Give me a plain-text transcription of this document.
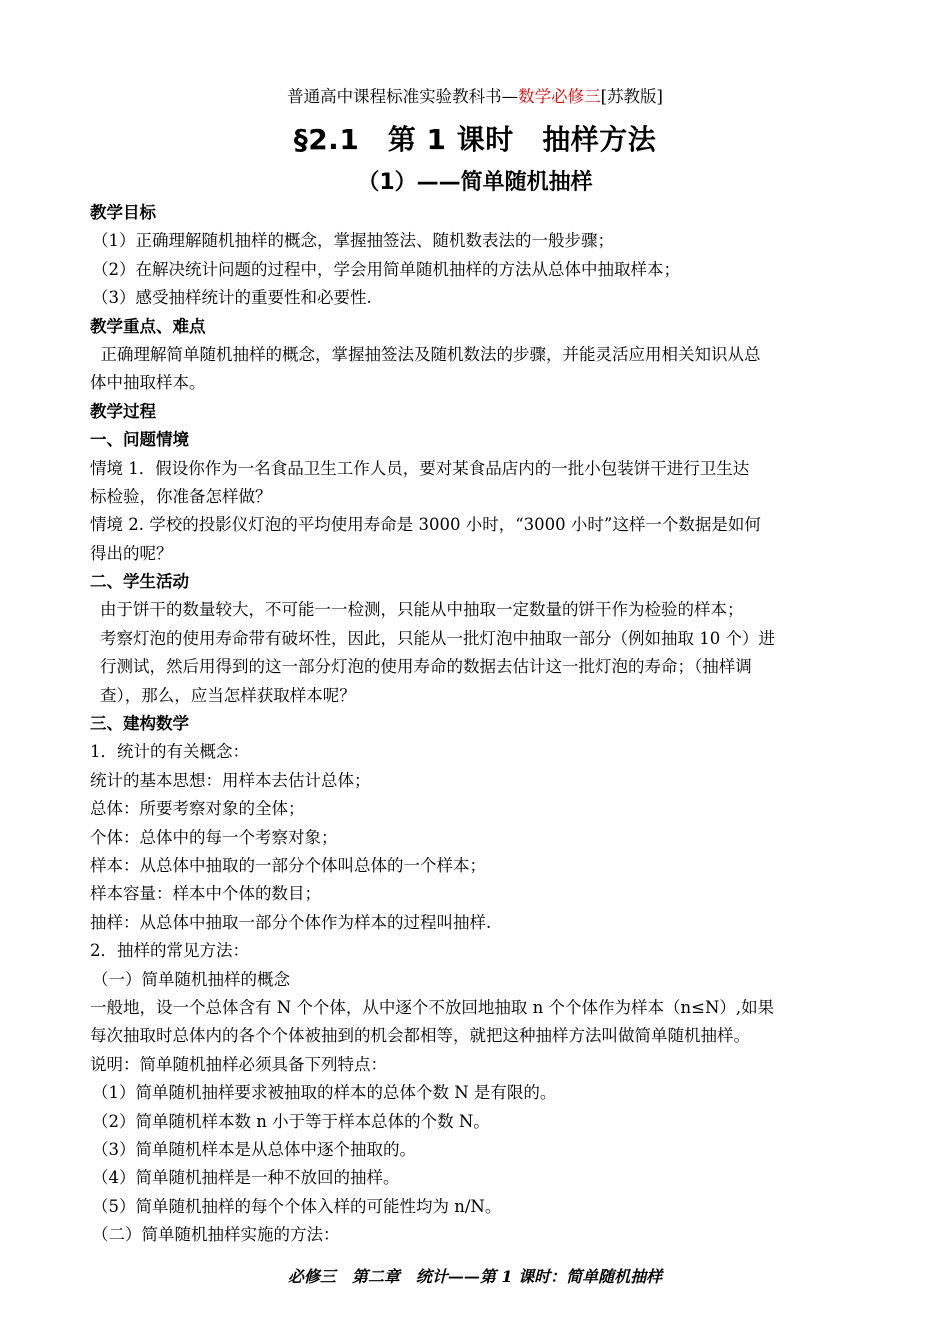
普通高中课程标准实验教科书—数学必修三[苏教版]
§2.1　第 1 课时　抽样方法
（1）——简单随机抽样
教学目标
（1）正确理解随机抽样的概念，掌握抽签法、随机数表法的一般步骤；
（2）在解决统计问题的过程中，学会用简单随机抽样的方法从总体中抽取样本；
（3）感受抽样统计的重要性和必要性.
教学重点、难点
正确理解简单随机抽样的概念，掌握抽签法及随机数法的步骤，并能灵活应用相关知识从总
体中抽取样本。
教学过程
一、问题情境
情境 1．假设你作为一名食品卫生工作人员，要对某食品店内的一批小包装饼干进行卫生达
标检验，你准备怎样做？
情境 2. 学校的投影仪灯泡的平均使用寿命是 3000 小时，“3000 小时”这样一个数据是如何
得出的呢？
二、学生活动
由于饼干的数量较大，不可能一一检测，只能从中抽取一定数量的饼干作为检验的样本；
考察灯泡的使用寿命带有破坏性，因此，只能从一批灯泡中抽取一部分（例如抽取 10 个）进
行测试，然后用得到的这一部分灯泡的使用寿命的数据去估计这一批灯泡的寿命；（抽样调
查），那么，应当怎样获取样本呢？
三、建构数学
1．统计的有关概念：
统计的基本思想：用样本去估计总体；
总体：所要考察对象的全体；
个体：总体中的每一个考察对象；
样本：从总体中抽取的一部分个体叫总体的一个样本；
样本容量：样本中个体的数目；
抽样：从总体中抽取一部分个体作为样本的过程叫抽样.
2．抽样的常见方法：
（一）简单随机抽样的概念
一般地，设一个总体含有 N 个个体，从中逐个不放回地抽取 n 个个体作为样本（n≤N）,如果
每次抽取时总体内的各个个体被抽到的机会都相等，就把这种抽样方法叫做简单随机抽样。
说明：简单随机抽样必须具备下列特点：
（1）简单随机抽样要求被抽取的样本的总体个数 N 是有限的。
（2）简单随机样本数 n 小于等于样本总体的个数 N。
（3）简单随机样本是从总体中逐个抽取的。
（4）简单随机抽样是一种不放回的抽样。
（5）简单随机抽样的每个个体入样的可能性均为 n/N。
（二）简单随机抽样实施的方法：
必修三　第二章　统计——第 1 课时：简单随机抽样
